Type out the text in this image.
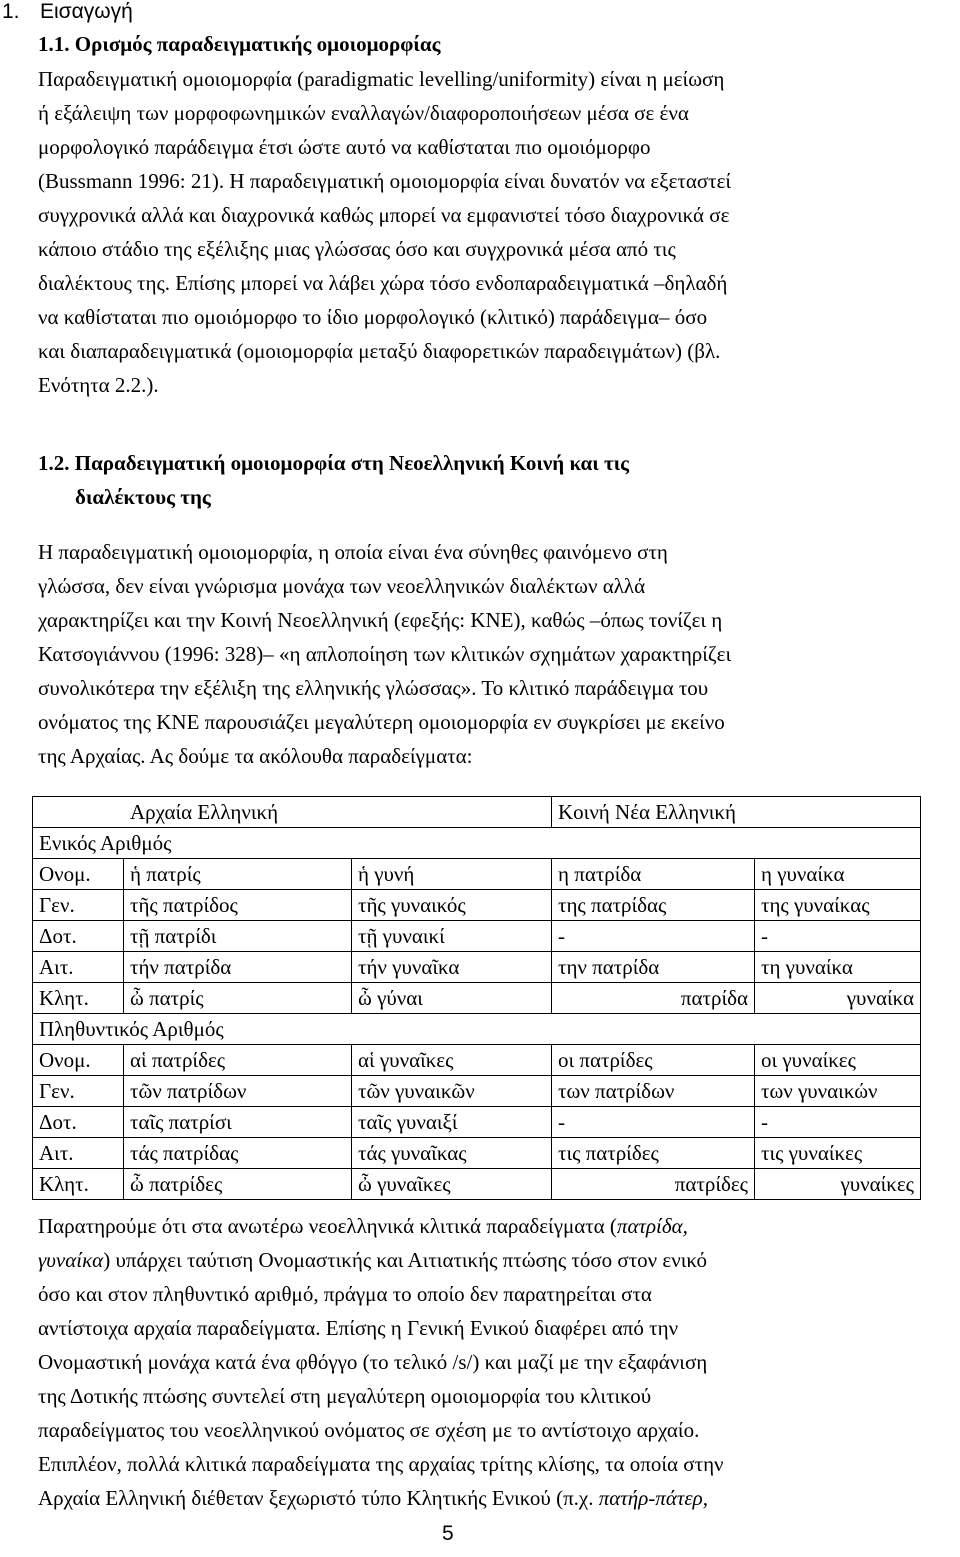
1. Εισαγωγή
1.1. Ορισμός παραδειγματικής ομοιομορφίας
Παραδειγματική ομοιομορφία (paradigmatic levelling/uniformity) είναι η μείωση
ή εξάλειψη των μορφοφωνημικών εναλλαγών/διαφοροποιήσεων μέσα σε ένα
μορφολογικό παράδειγμα έτσι ώστε αυτό να καθίσταται πιο ομοιόμορφο
(Bussmann 1996: 21). Η παραδειγματική ομοιομορφία είναι δυνατόν να εξεταστεί
συγχρονικά αλλά και διαχρονικά καθώς μπορεί να εμφανιστεί τόσο διαχρονικά σε
κάποιο στάδιο της εξέλιξης μιας γλώσσας όσο και συγχρονικά μέσα από τις
διαλέκτους της. Επίσης μπορεί να λάβει χώρα τόσο ενδοπαραδειγματικά –δηλαδή
να καθίσταται πιο ομοιόμορφο το ίδιο μορφολογικό (κλιτικό) παράδειγμα– όσο
και διαπαραδειγματικά (ομοιομορφία μεταξύ διαφορετικών παραδειγμάτων) (βλ.
Ενότητα 2.2.).
1.2. Παραδειγματική ομοιομορφία στη Νεοελληνική Κοινή και τις
διαλέκτους της
Η παραδειγματική ομοιομορφία, η οποία είναι ένα σύνηθες φαινόμενο στη
γλώσσα, δεν είναι γνώρισμα μονάχα των νεοελληνικών διαλέκτων αλλά
χαρακτηρίζει και την Κοινή Νεοελληνική (εφεξής: ΚΝΕ), καθώς –όπως τονίζει η
Κατσογιάννου (1996: 328)– «η απλοποίηση των κλιτικών σχημάτων χαρακτηρίζει
συνολικότερα την εξέλιξη της ελληνικής γλώσσας». Το κλιτικό παράδειγμα του
ονόματος της ΚΝΕ παρουσιάζει μεγαλύτερη ομοιομορφία εν συγκρίσει με εκείνο
της Αρχαίας. Ας δούμε τα ακόλουθα παραδείγματα:
Αρχαία Ελληνική			Κοινή Νέα Ελληνική	
Ενικός Αριθμός				
Ονομ.	ἡ πατρίς	ἡ γυνή	η πατρίδα	η γυναίκα
Γεν.	τῆς πατρίδος	τῆς γυναικός	της πατρίδας	της γυναίκας
Δοτ.	τῇ πατρίδι	τῇ γυναικί	-	-
Αιτ.	τήν πατρίδα	τήν γυναῖκα	την πατρίδα	τη γυναίκα
Κλητ.	ὦ πατρίς	ὦ γύναι	πατρίδα	γυναίκα
Πληθυντικός Αριθμός				
Ονομ.	αἱ πατρίδες	αἱ γυναῖκες	οι πατρίδες	οι γυναίκες
Γεν.	τῶν πατρίδων	τῶν γυναικῶν	των πατρίδων	των γυναικών
Δοτ.	ταῖς πατρίσι	ταῖς γυναιξί	-	-
Αιτ.	τάς πατρίδας	τάς γυναῖκας	τις πατρίδες	τις γυναίκες
Κλητ.	ὦ πατρίδες	ὦ γυναῖκες	πατρίδες	γυναίκες
Παρατηρούμε ότι στα ανωτέρω νεοελληνικά κλιτικά παραδείγματα (πατρίδα,
γυναίκα) υπάρχει ταύτιση Ονομαστικής και Αιτιατικής πτώσης τόσο στον ενικό
όσο και στον πληθυντικό αριθμό, πράγμα το οποίο δεν παρατηρείται στα
αντίστοιχα αρχαία παραδείγματα. Επίσης η Γενική Ενικού διαφέρει από την
Ονομαστική μονάχα κατά ένα φθόγγο (το τελικό /s/) και μαζί με την εξαφάνιση
της Δοτικής πτώσης συντελεί στη μεγαλύτερη ομοιομορφία του κλιτικού
παραδείγματος του νεοελληνικού ονόματος σε σχέση με το αντίστοιχο αρχαίο.
Επιπλέον, πολλά κλιτικά παραδείγματα της αρχαίας τρίτης κλίσης, τα οποία στην
Αρχαία Ελληνική διέθεταν ξεχωριστό τύπο Κλητικής Ενικού (π.χ. πατήρ-πάτερ,
5
